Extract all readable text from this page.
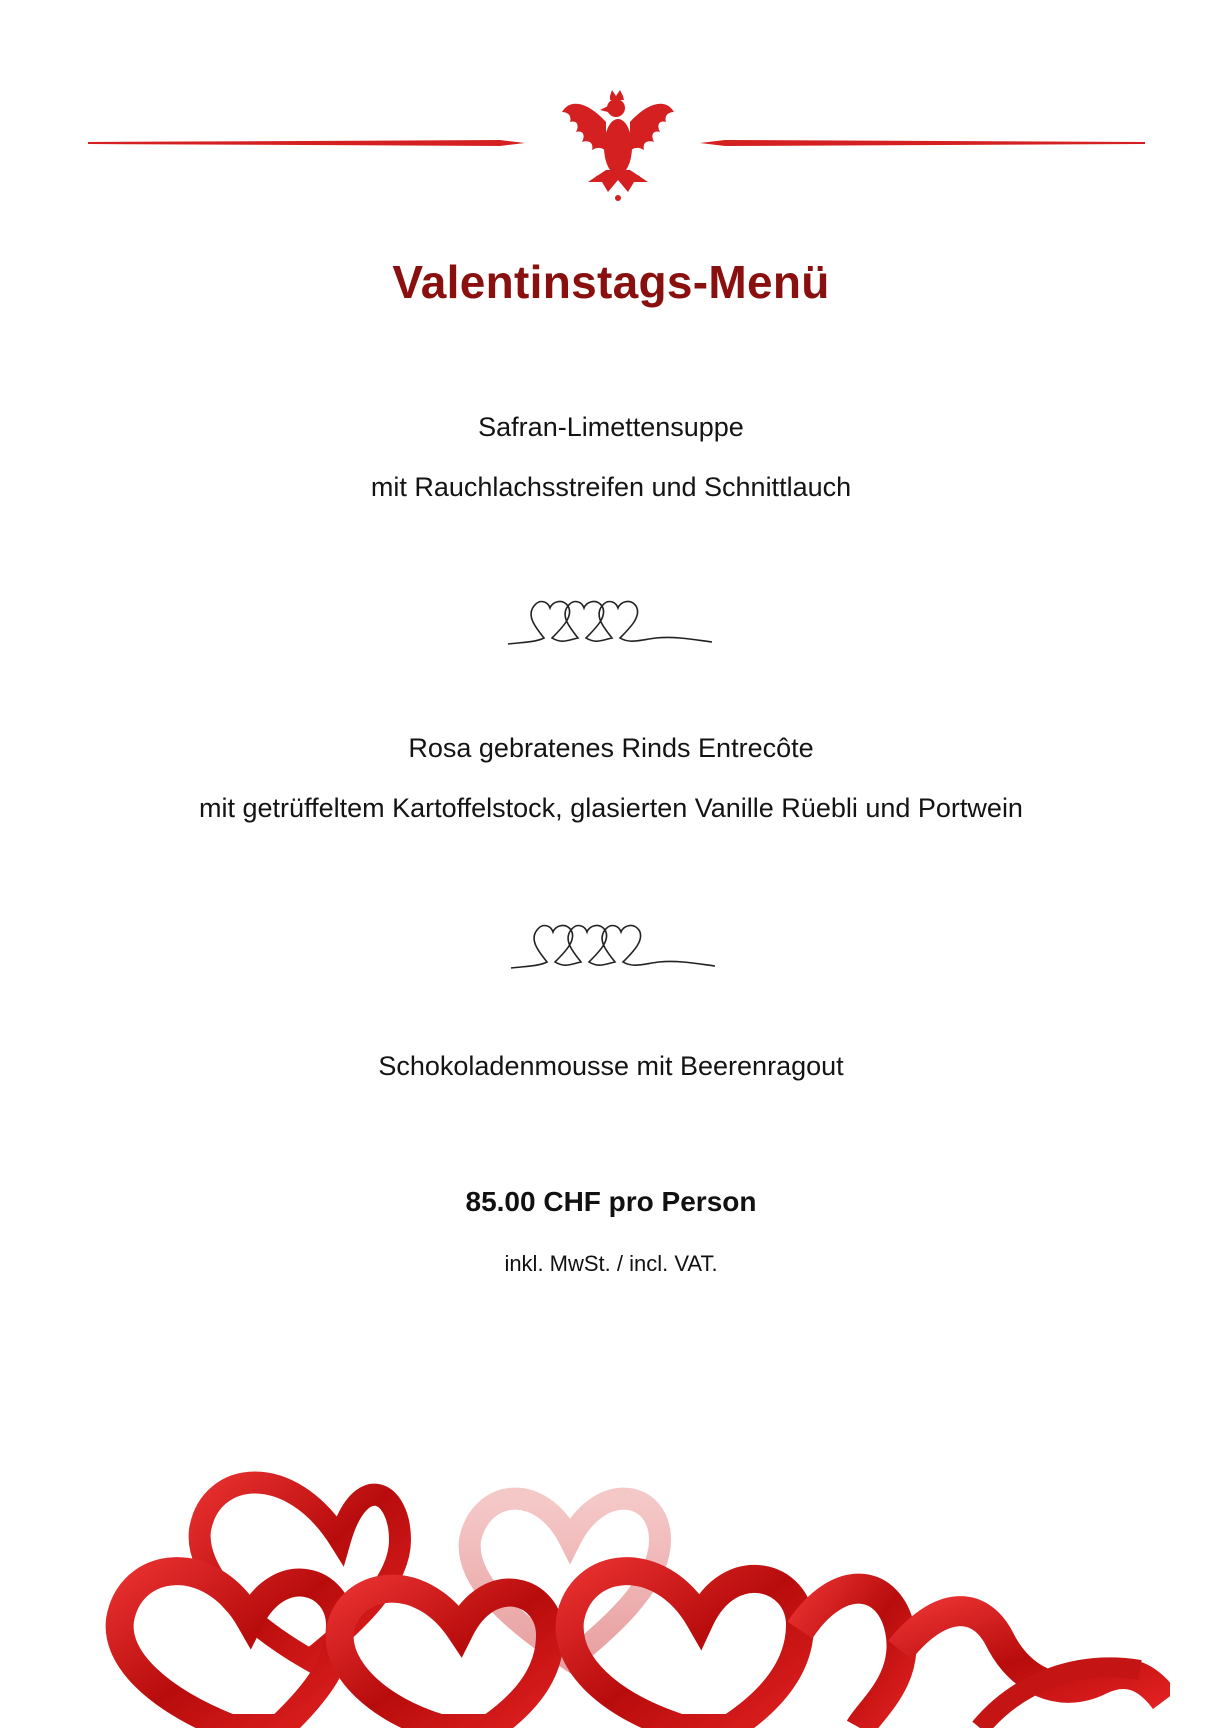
Valentinstags-Menü
Safran-Limettensuppe
mit Rauchlachsstreifen und Schnittlauch
Rosa gebratenes Rinds Entrecôte
mit getrüffeltem Kartoffelstock, glasierten Vanille Rüebli und Portwein
Schokoladenmousse mit Beerenragout
85.00 CHF pro Person
inkl. MwSt. / incl. VAT.
